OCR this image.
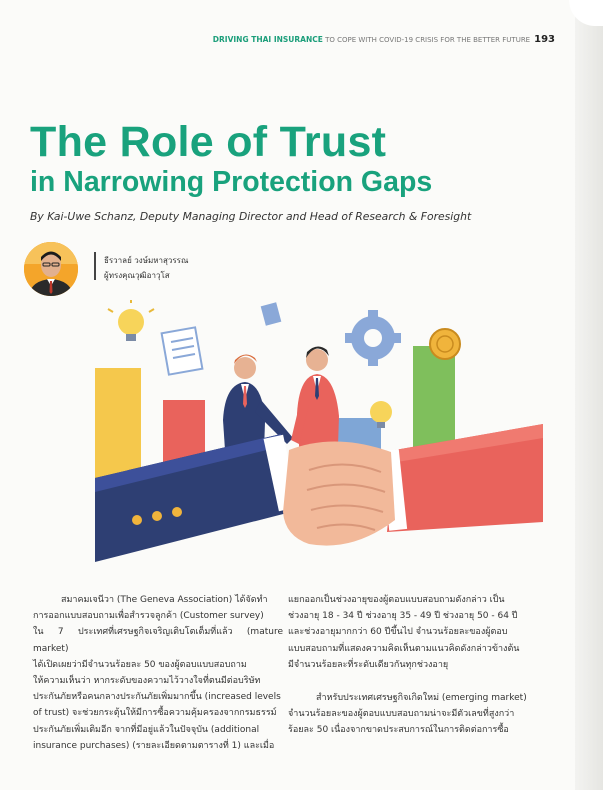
DRIVING THAI INSURANCE TO COPE WITH COVID-19 CRISIS FOR THE BETTER FUTURE 193
The Role of Trust
in Narrowing Protection Gaps
By Kai-Uwe Schanz, Deputy Managing Director and Head of Research & Foresight
ธีรวาลย์ วงษ์มหาสุวรรณ
ผู้ทรงคุณวุฒิอาวุโส

สมาคมเจนีวา (The Geneva Association) ได้จัดทำ

การออกแบบสอบถามเพื่อสำรวจลูกค้า (Customer survey)

ใน 7 ประเทศที่เศรษฐกิจเจริญเติบโตเต็มที่แล้ว (mature market)

ได้เปิดเผยว่ามีจำนวนร้อยละ 50 ของผู้ตอบแบบสอบถาม

ให้ความเห็นว่า หากระดับของความไว้วางใจที่ตนมีต่อบริษัท

ประกันภัยหรือคนกลางประกันภัยเพิ่มมากขึ้น (increased levels

of trust) จะช่วยกระตุ้นให้มีการซื้อความคุ้มครองจากกรมธรรม์

ประกันภัยเพิ่มเติมอีก จากที่มีอยู่แล้วในปัจจุบัน (additional

insurance purchases) (รายละเอียดตามตารางที่ 1) และเมื่อ

แยกออกเป็นช่วงอายุของผู้ตอบแบบสอบถามดังกล่าว เป็น

ช่วงอายุ 18 - 34 ปี ช่วงอายุ 35 - 49 ปี ช่วงอายุ 50 - 64 ปี

และช่วงอายุมากกว่า 60 ปีขึ้นไป จำนวนร้อยละของผู้ตอบ

แบบสอบถามที่แสดงความคิดเห็นตามแนวคิดดังกล่าวข้างต้น

มีจำนวนร้อยละที่ระดับเดียวกันทุกช่วงอายุ

สำหรับประเทศเศรษฐกิจเกิดใหม่ (emerging market)

จำนวนร้อยละของผู้ตอบแบบสอบถามน่าจะมีตัวเลขที่สูงกว่า

ร้อยละ 50 เนื่องจากขาดประสบการณ์ในการติดต่อการซื้อ
